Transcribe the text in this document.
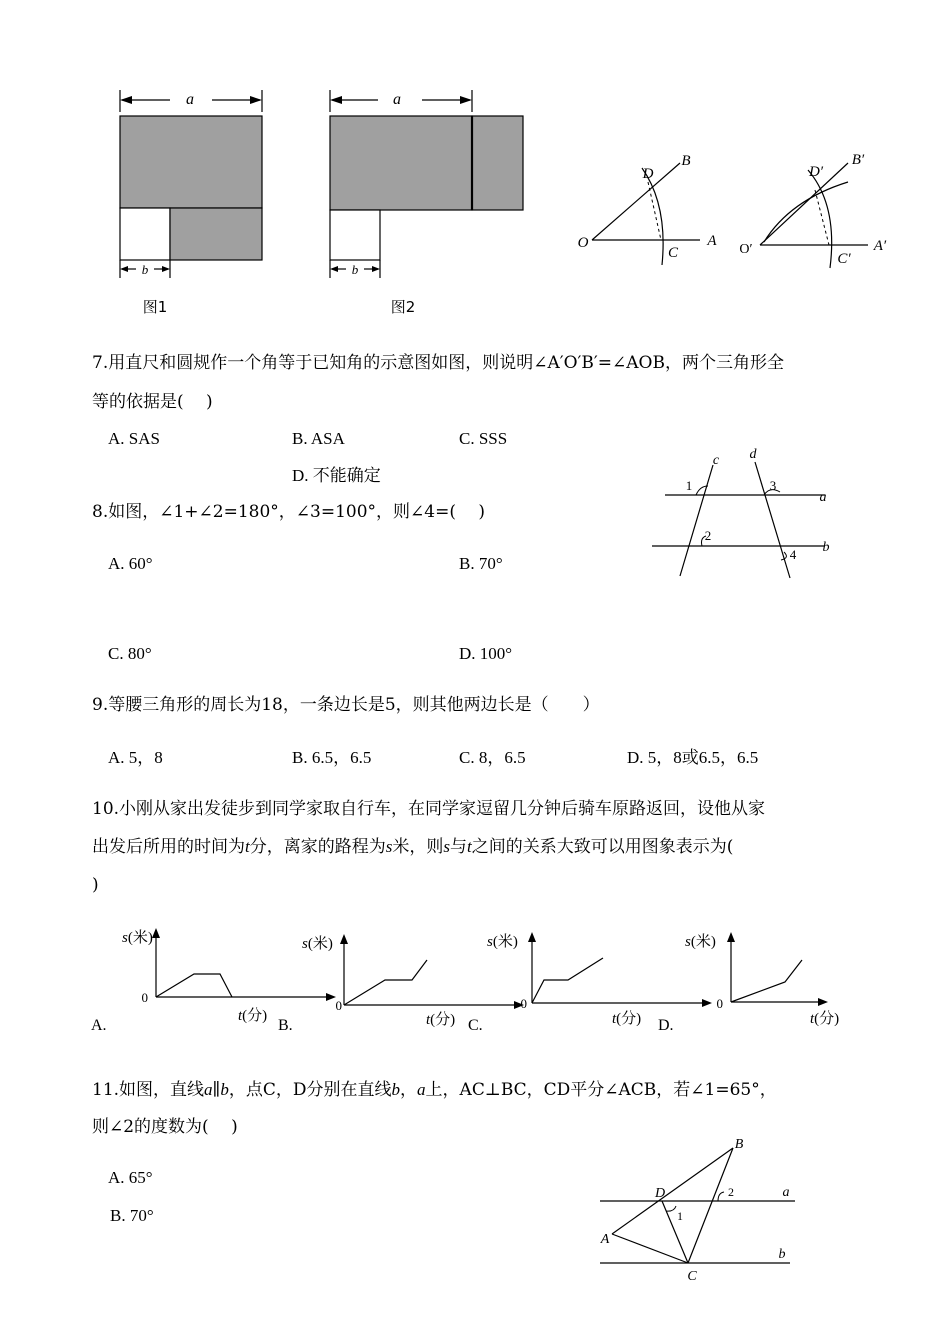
a
b
图1
a
b
图2
O	A
B
C
D
O′	A′
B′
C′
D′
7.用直尺和圆规作一个角等于已知角的示意图如图，则说明∠A′O′B′=∠AOB，两个三角形全
等的依据是(　 )
A. SAS	B. ASA	C. SSS
D. 不能确定
c d
a
b
1
2
3
4
8.如图，∠1+∠2=180°，∠3=100°，则∠4=(　 )
A. 60°	B. 70°
C. 80°	D. 100°
9.等腰三角形的周长为18，一条边长是5，则其他两边长是（　　）
A. 5，8	B. 6.5，6.5	C. 8，6.5	D. 5，8或6.5，6.5
10.小刚从家出发徒步到同学家取自行车，在同学家逗留几分钟后骑车原路返回，设他从家
出发后所用的时间为t分，离家的路程为s米，则s与t之间的关系大致可以用图象表示为(
)
s(米)
0
t(分)
A.
s(米)
0
t(分)
B.
s(米)
0
t(分)
C.
s(米)
0
t(分)
D.
11.如图，直线a∥b，点C，D分别在直线b，a上，AC⊥BC，CD平分∠ACB，若∠1=65°，
则∠2的度数为(　 )
A. 65°
B. 70°
B
D
A
C
a
b
1
2
